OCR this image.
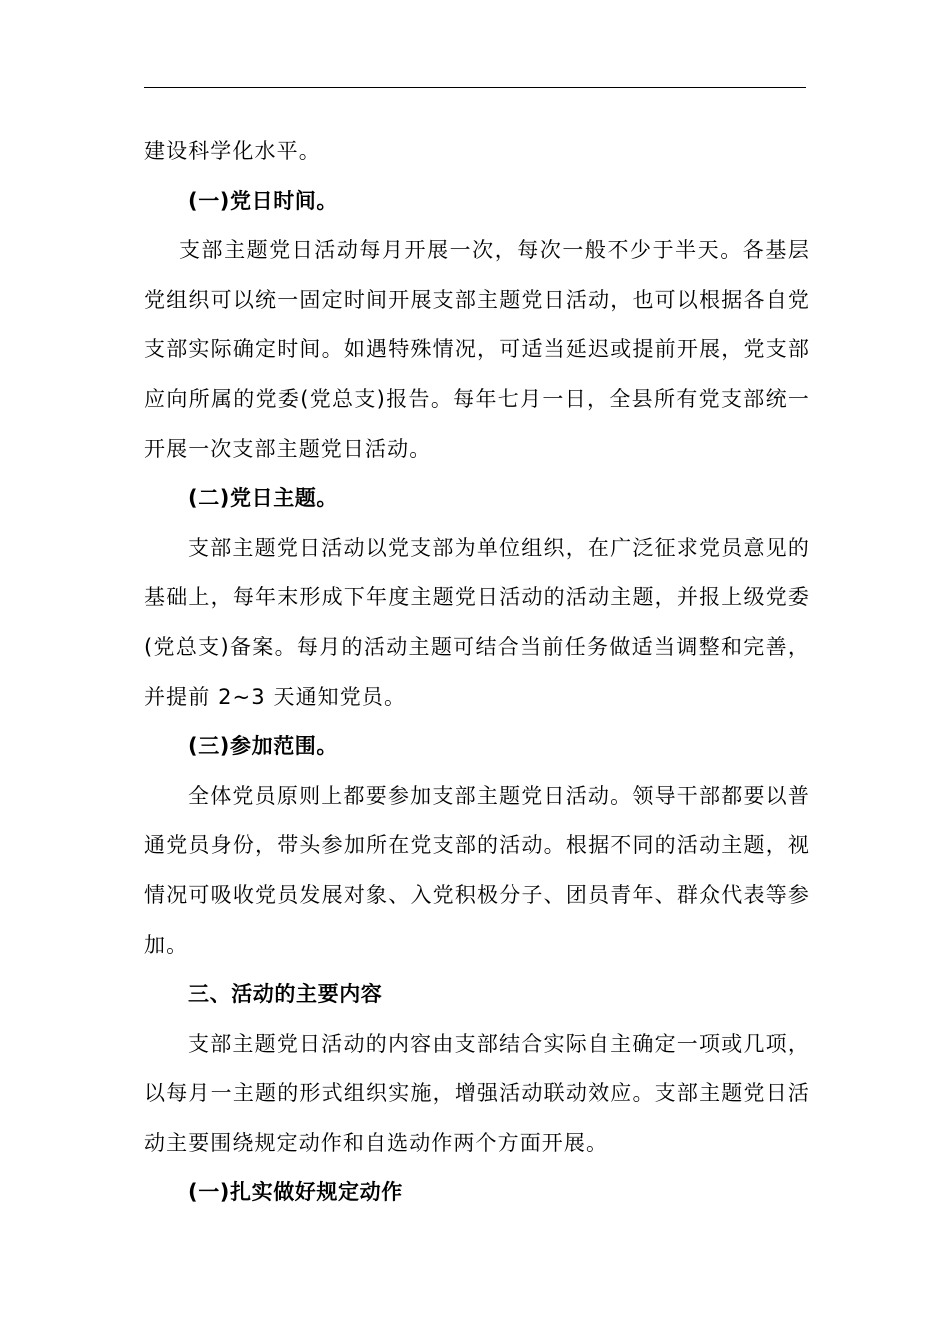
建设科学化水平。

(一)党日时间。

支部主题党日活动每月开展一次，每次一般不少于半天。各基层党组织可以统一固定时间开展支部主题党日活动，也可以根据各自党支部实际确定时间。如遇特殊情况，可适当延迟或提前开展，党支部应向所属的党委(党总支)报告。每年七月一日，全县所有党支部统一开展一次支部主题党日活动。

(二)党日主题。

支部主题党日活动以党支部为单位组织，在广泛征求党员意见的基础上，每年末形成下年度主题党日活动的活动主题，并报上级党委(党总支)备案。每月的活动主题可结合当前任务做适当调整和完善，并提前 2~3 天通知党员。

(三)参加范围。

全体党员原则上都要参加支部主题党日活动。领导干部都要以普通党员身份，带头参加所在党支部的活动。根据不同的活动主题，视情况可吸收党员发展对象、入党积极分子、团员青年、群众代表等参加。

三、活动的主要内容

支部主题党日活动的内容由支部结合实际自主确定一项或几项，以每月一主题的形式组织实施，增强活动联动效应。支部主题党日活动主要围绕规定动作和自选动作两个方面开展。

(一)扎实做好规定动作
